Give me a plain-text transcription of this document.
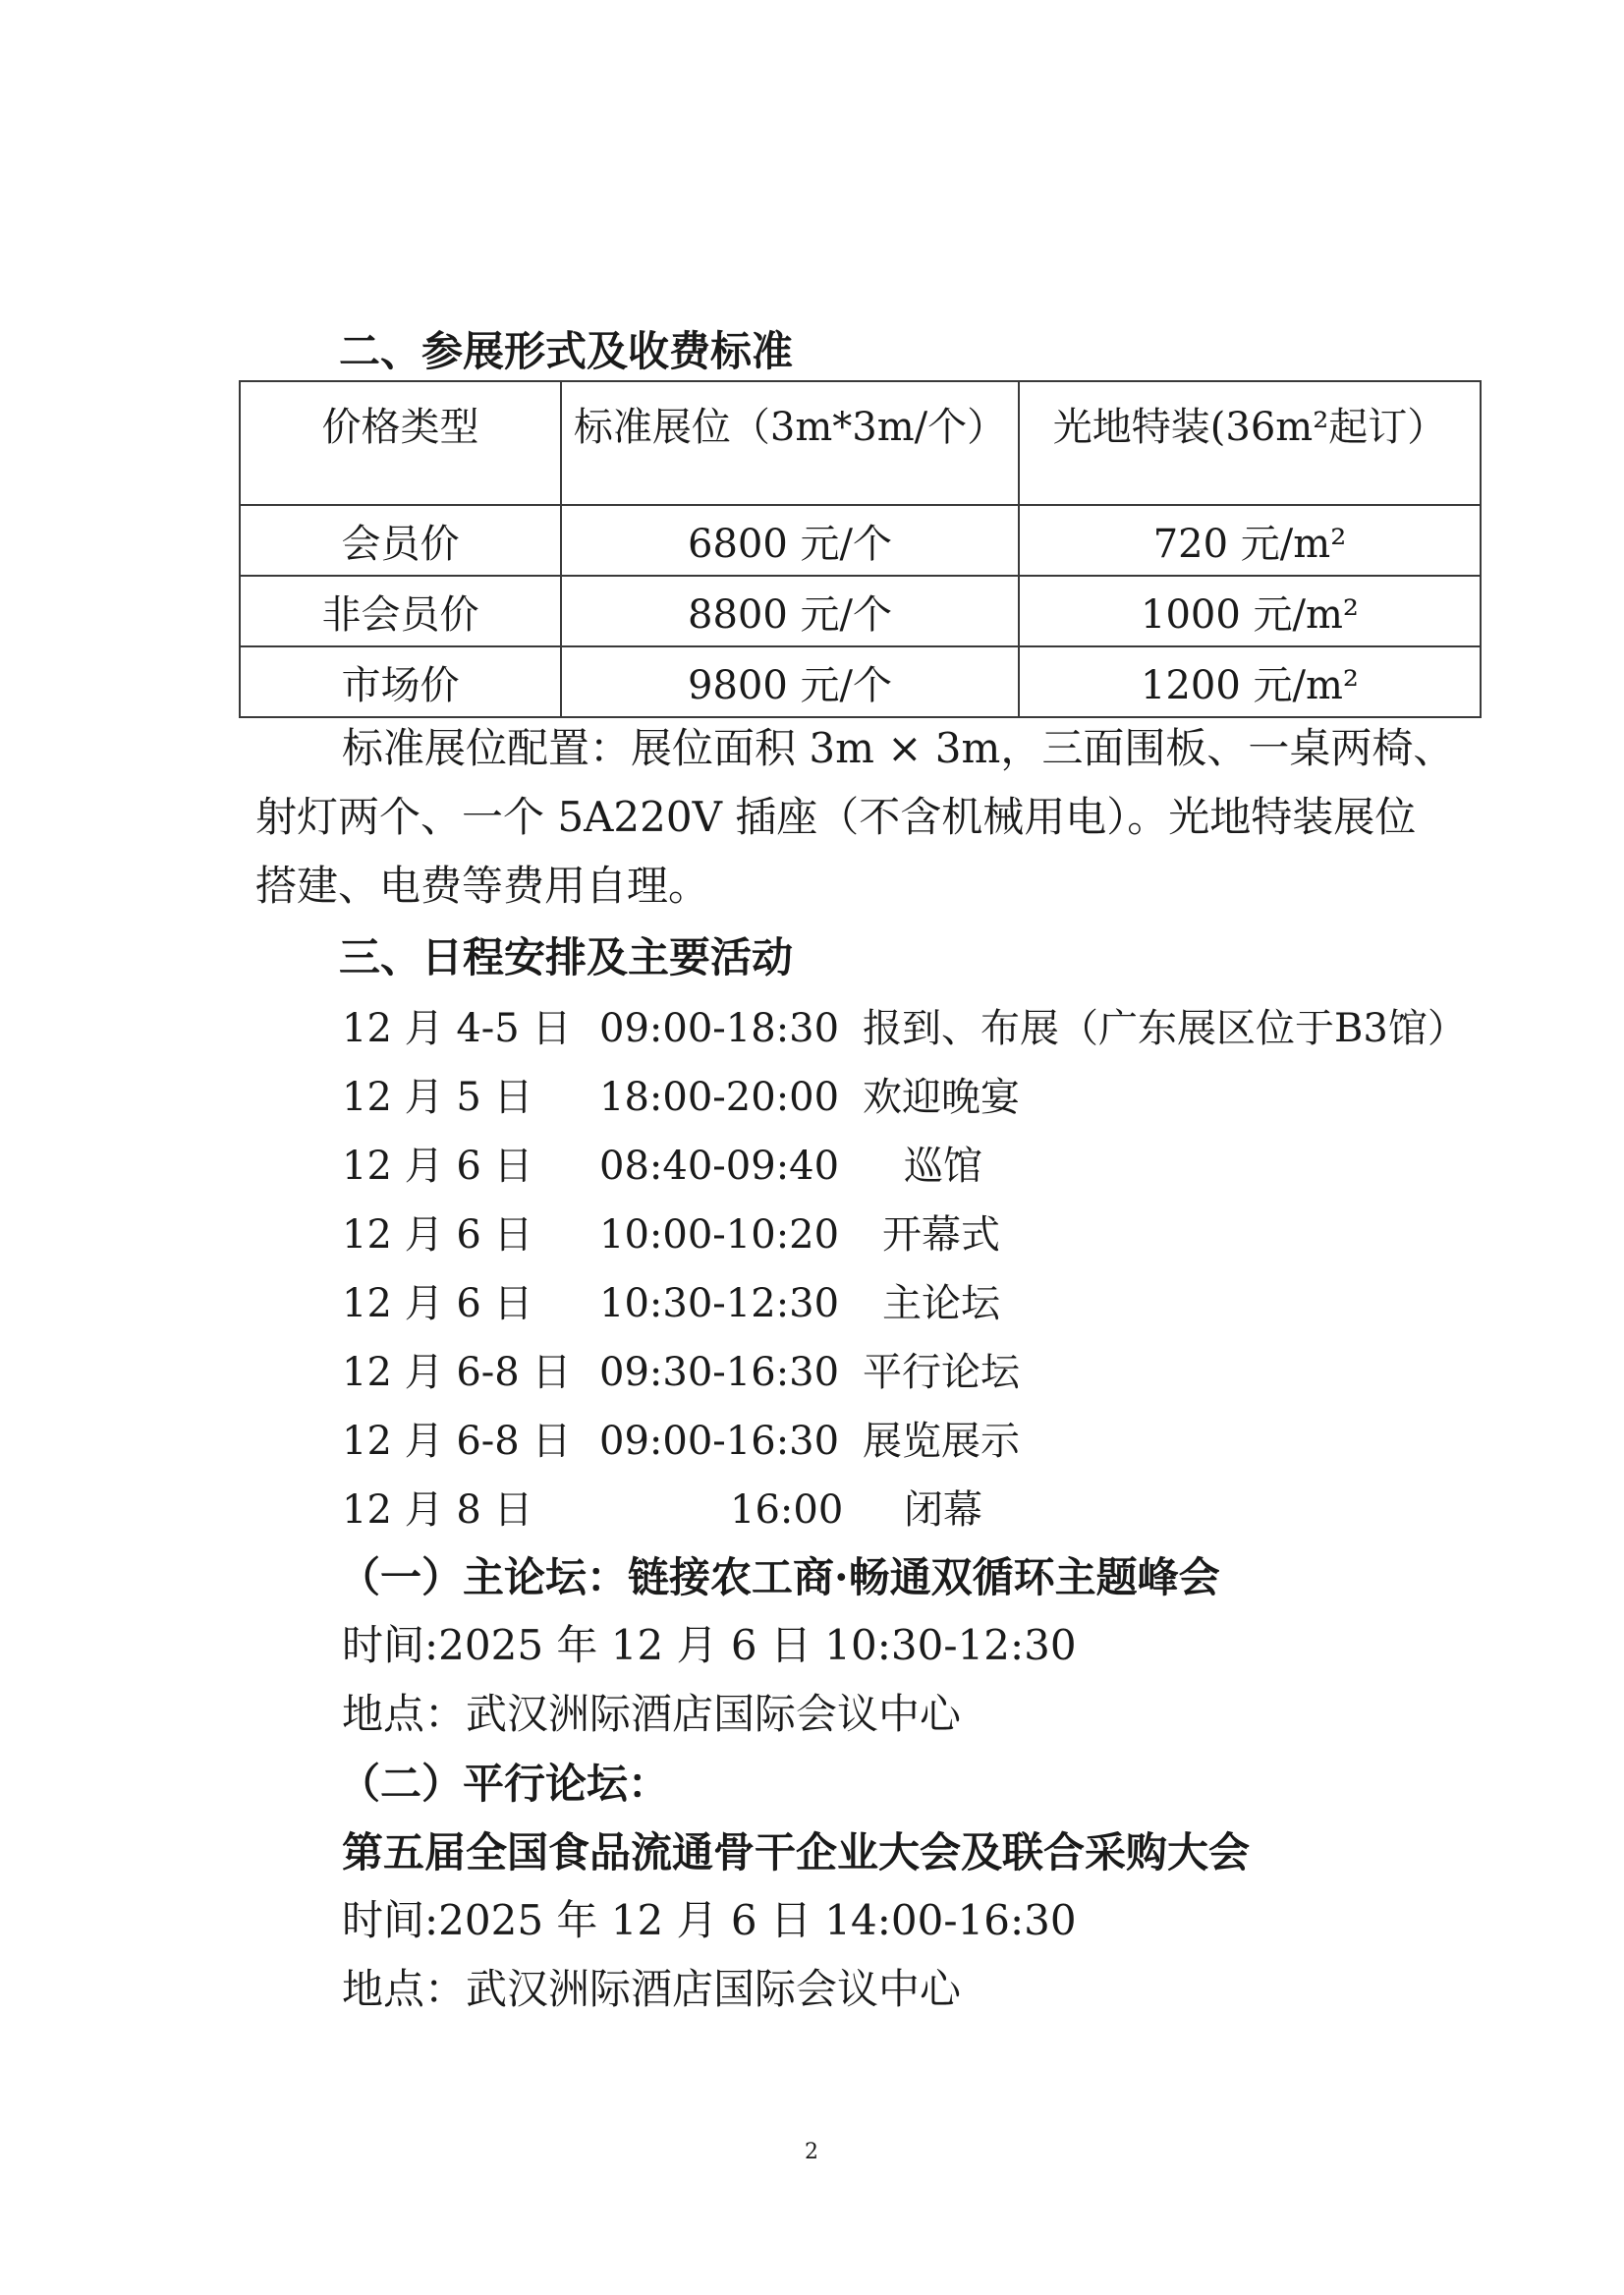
二、参展形式及收费标准
价格类型	标准展位（3m*3m/个）	光地特装(36m²起订）
会员价	6800 元/个	720 元/m²
非会员价	8800 元/个	1000 元/m²
市场价	9800 元/个	1200 元/m²
标准展位配置：展位面积 3m × 3m，三面围板、一桌两椅、
射灯两个、一个 5A220V 插座（不含机械用电）。光地特装展位
搭建、电费等费用自理。
三、日程安排及主要活动
12 月 4-5 日 09:00-18:30 报到、布展（广东展区位于B3馆）
12 月 5 日 18:00-20:00 欢迎晚宴
12 月 6 日 08:40-09:40 巡馆
12 月 6 日 10:00-10:20 开幕式
12 月 6 日 10:30-12:30 主论坛
12 月 6-8 日 09:30-16:30 平行论坛
12 月 6-8 日 09:00-16:30 展览展示
12 月 8 日	16:00 闭幕
（一）主论坛：链接农工商·畅通双循环主题峰会
时间:2025 年 12 月 6 日 10:30-12:30
地点：武汉洲际酒店国际会议中心
（二）平行论坛：
第五届全国食品流通骨干企业大会及联合采购大会
时间:2025 年 12 月 6 日 14:00-16:30
地点：武汉洲际酒店国际会议中心
2
